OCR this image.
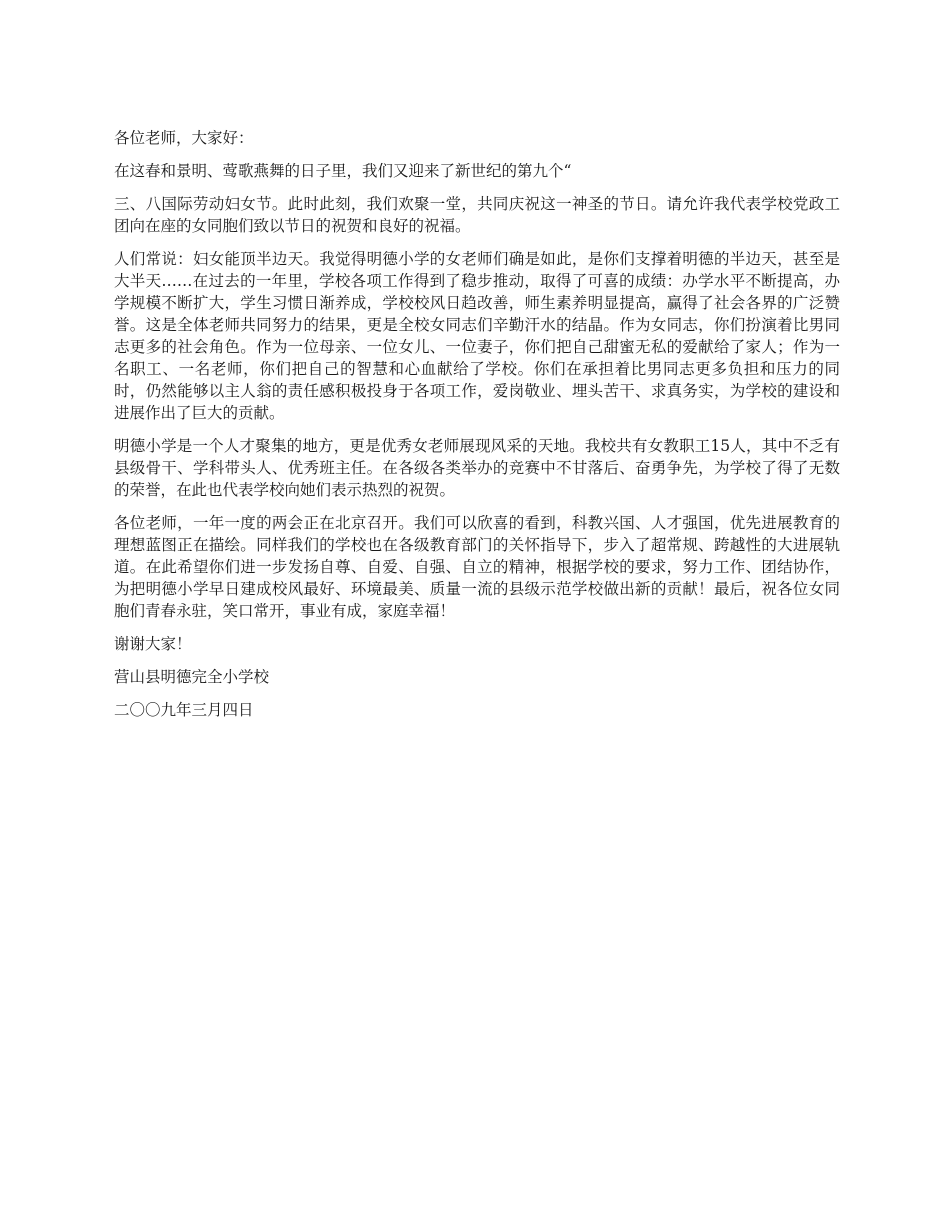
各位老师，大家好：

在这春和景明、莺歌燕舞的日子里，我们又迎来了新世纪的第九个“

三、八国际劳动妇女节。此时此刻，我们欢聚一堂，共同庆祝这一神圣的节日。请允许我代表学校党政工团向在座的女同胞们致以节日的祝贺和良好的祝福。

人们常说：妇女能顶半边天。我觉得明德小学的女老师们确是如此，是你们支撑着明德的半边天，甚至是大半天……在过去的一年里，学校各项工作得到了稳步推动，取得了可喜的成绩：办学水平不断提高，办学规模不断扩大，学生习惯日渐养成，学校校风日趋改善，师生素养明显提高，赢得了社会各界的广泛赞誉。这是全体老师共同努力的结果，更是全校女同志们辛勤汗水的结晶。作为女同志，你们扮演着比男同志更多的社会角色。作为一位母亲、一位女儿、一位妻子，你们把自己甜蜜无私的爱献给了家人；作为一名职工、一名老师，你们把自己的智慧和心血献给了学校。你们在承担着比男同志更多负担和压力的同时，仍然能够以主人翁的责任感积极投身于各项工作，爱岗敬业、埋头苦干、求真务实，为学校的建设和进展作出了巨大的贡献。

明德小学是一个人才聚集的地方，更是优秀女老师展现风采的天地。我校共有女教职工15人，其中不乏有县级骨干、学科带头人、优秀班主任。在各级各类举办的竞赛中不甘落后、奋勇争先，为学校了得了无数的荣誉，在此也代表学校向她们表示热烈的祝贺。

各位老师，一年一度的两会正在北京召开。我们可以欣喜的看到，科教兴国、人才强国，优先进展教育的理想蓝图正在描绘。同样我们的学校也在各级教育部门的关怀指导下，步入了超常规、跨越性的大进展轨道。在此希望你们进一步发扬自尊、自爱、自强、自立的精神，根据学校的要求，努力工作、团结协作，为把明德小学早日建成校风最好、环境最美、质量一流的县级示范学校做出新的贡献！最后，祝各位女同胞们青春永驻，笑口常开，事业有成，家庭幸福！

谢谢大家！

营山县明德完全小学校

二〇〇九年三月四日
